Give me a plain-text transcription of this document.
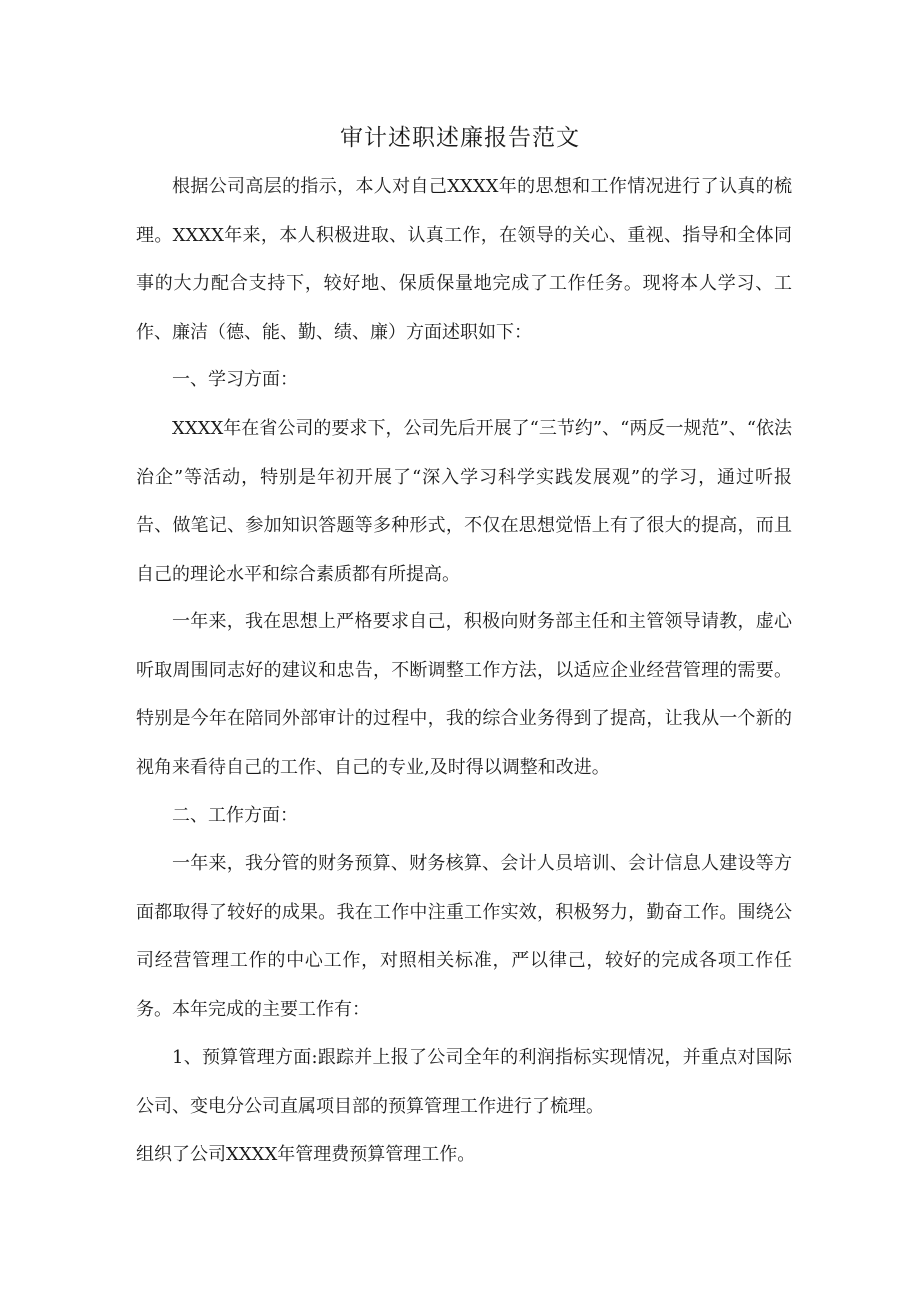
审计述职述廉报告范文

根据公司高层的指示，本人对自己XXXX年的思想和工作情况进行了认真的梳理。XXXX年来，本人积极进取、认真工作，在领导的关心、重视、指导和全体同事的大力配合支持下，较好地、保质保量地完成了工作任务。现将本人学习、工作、廉洁（德、能、勤、绩、廉）方面述职如下：

一、学习方面：

XXXX年在省公司的要求下，公司先后开展了“三节约”、“两反一规范”、“依法治企”等活动，特别是年初开展了“深入学习科学实践发展观”的学习，通过听报告、做笔记、参加知识答题等多种形式，不仅在思想觉悟上有了很大的提高，而且自己的理论水平和综合素质都有所提高。

一年来，我在思想上严格要求自己，积极向财务部主任和主管领导请教，虚心听取周围同志好的建议和忠告，不断调整工作方法，以适应企业经营管理的需要。特别是今年在陪同外部审计的过程中，我的综合业务得到了提高，让我从一个新的视角来看待自己的工作、自己的专业,及时得以调整和改进。

二、工作方面：

一年来，我分管的财务预算、财务核算、会计人员培训、会计信息人建设等方面都取得了较好的成果。我在工作中注重工作实效，积极努力，勤奋工作。围绕公司经营管理工作的中心工作，对照相关标准，严以律己，较好的完成各项工作任务。本年完成的主要工作有：

1、预算管理方面:跟踪并上报了公司全年的利润指标实现情况，并重点对国际公司、变电分公司直属项目部的预算管理工作进行了梳理。

组织了公司XXXX年管理费预算管理工作。
